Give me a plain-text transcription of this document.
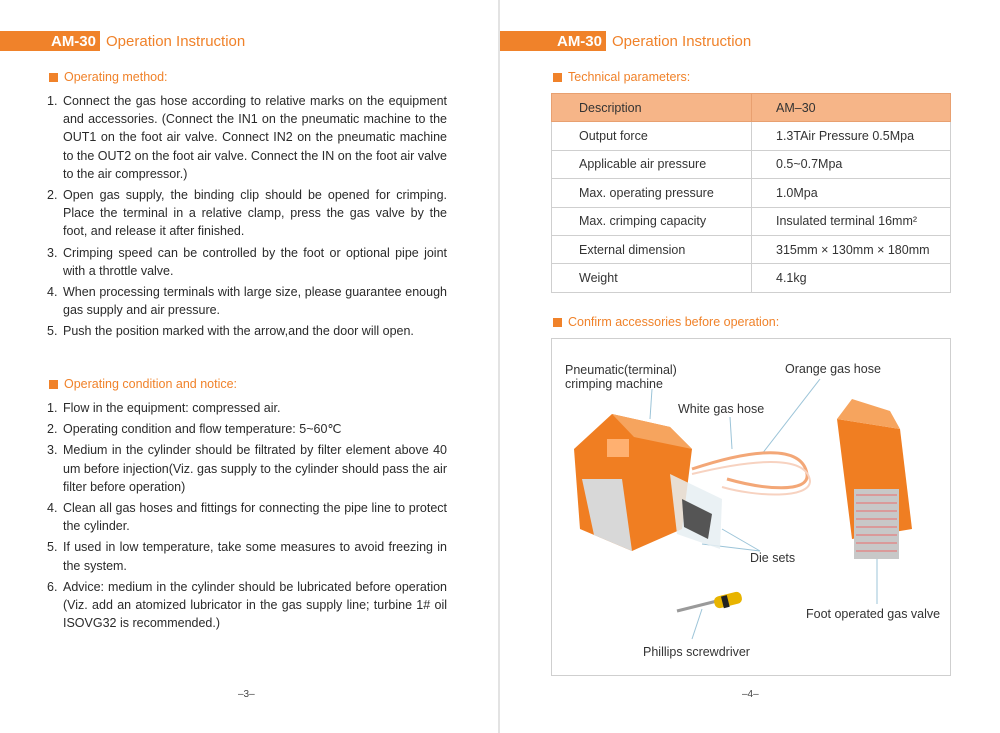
AM-30 Operation Instruction
Operating method:
1. Connect the gas hose according to relative marks on the equipment and accessories. (Connect the IN1 on the pneumatic machine to the OUT1 on the foot air valve. Connect IN2 on the pneumatic machine to the OUT2 on the foot air valve. Connect the IN on the foot air valve to the air compressor.)
2. Open gas supply, the binding clip should be opened for crimping. Place the terminal in a relative clamp, press the gas valve by the foot, and release it after finished.
3. Crimping speed can be controlled by the foot or optional pipe joint with a throttle valve.
4. When processing terminals with large size, please guarantee enough gas supply and air pressure.
5. Push the position marked with the arrow,and the door will open.
Operating condition and notice:
1. Flow in the equipment: compressed air.
2. Operating condition and flow temperature: 5~60℃
3. Medium in the cylinder should be filtrated by filter element above 40 um before injection(Viz. gas supply to the cylinder should pass the air filter before operation)
4. Clean all gas hoses and fittings for connecting the pipe line to protect the cylinder.
5. If used in low temperature, take some measures to avoid freezing in the system.
6. Advice: medium in the cylinder should be lubricated before operation (Viz. add an atomized lubricator in the gas supply line; turbine 1# oil ISOVG32 is recommended.)
–3–
AM-30 Operation Instruction
Technical parameters:
Description	AM–30
Output force	1.3TAir Pressure 0.5Mpa
Applicable air pressure	0.5~0.7Mpa
Max. operating pressure	1.0Mpa
Max. crimping capacity	Insulated terminal 16mm²
External dimension	315mm × 130mm × 180mm
Weight	4.1kg
Confirm accessories before operation:
Pneumatic(terminal)
crimping machine
Orange gas hose
White gas hose
Die sets
Foot operated gas valve
Phillips screwdriver
–4–
